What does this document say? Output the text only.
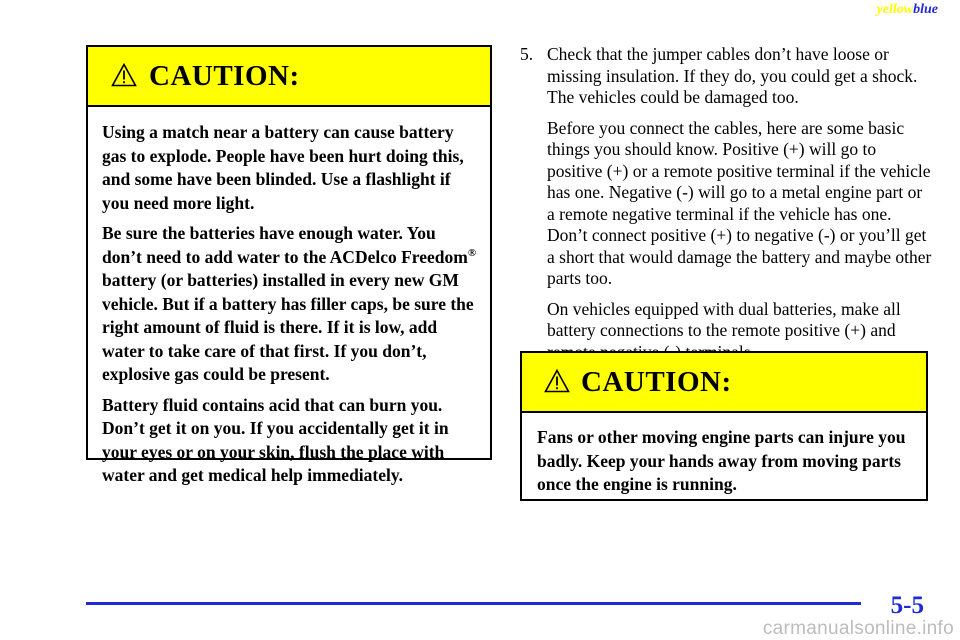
yellowblue
CAUTION:

Using a match near a battery can cause battery gas to explode. People have been hurt doing this, and some have been blinded. Use a flashlight if you need more light.

Be sure the batteries have enough water. You don’t need to add water to the ACDelco Freedom® battery (or batteries) installed in every new GM vehicle. But if a battery has filler caps, be sure the right amount of fluid is there. If it is low, add water to take care of that first. If you don’t, explosive gas could be present.

Battery fluid contains acid that can burn you. Don’t get it on you. If you accidentally get it in your eyes or on your skin, flush the place with water and get medical help immediately.

5. Check that the jumper cables don’t have loose or missing insulation. If they do, you could get a shock. The vehicles could be damaged too.

Before you connect the cables, here are some basic things you should know. Positive (+) will go to positive (+) or a remote positive terminal if the vehicle has one. Negative (-) will go to a metal engine part or a remote negative terminal if the vehicle has one. Don’t connect positive (+) to negative (-) or you’ll get a short that would damage the battery and maybe other parts too.

On vehicles equipped with dual batteries, make all battery connections to the remote positive (+) and

CAUTION:

Fans or other moving engine parts can injure you badly. Keep your hands away from moving parts once the engine is running.

5-5
carmanualsonline.info
